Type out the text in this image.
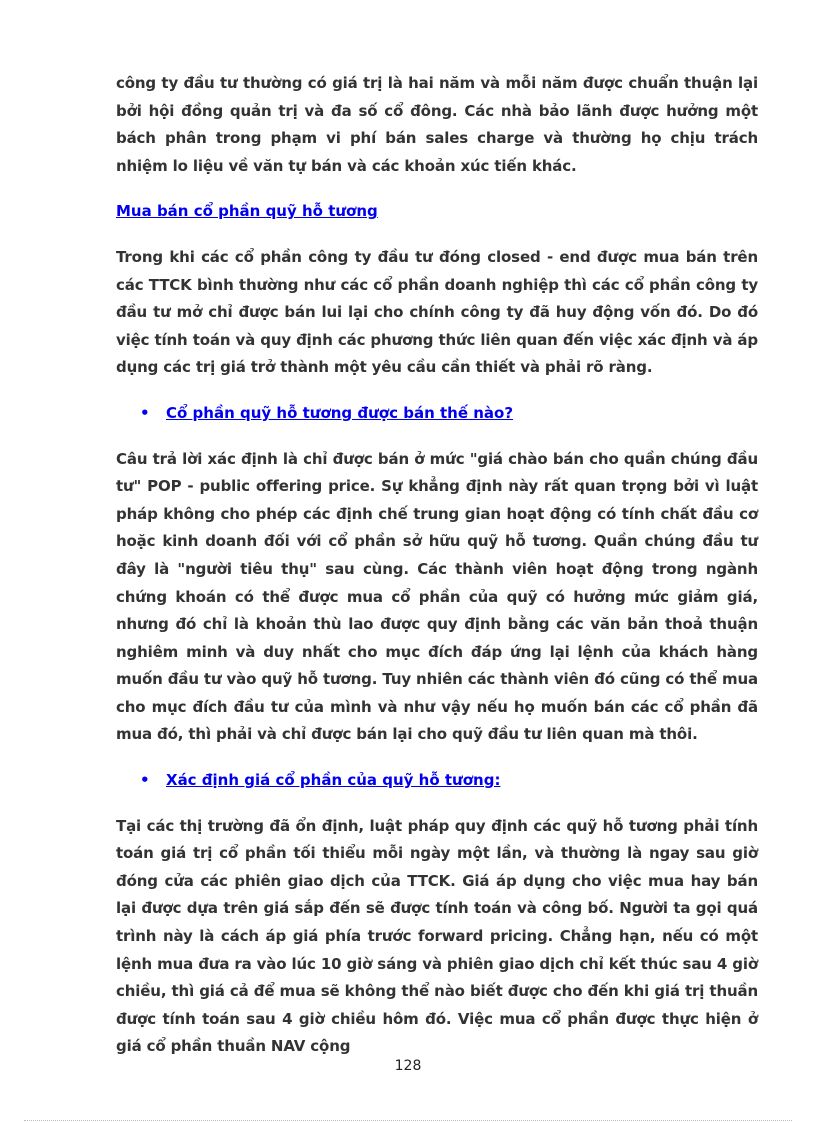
công ty đầu tư thường có giá trị là hai năm và mỗi năm được chuẩn thuận lại bởi hội đồng quản trị và đa số cổ đông. Các nhà bảo lãnh được hưởng một bách phân trong phạm vi phí bán sales charge và thường họ chịu trách nhiệm lo liệu về văn tự bán và các khoản xúc tiến khác.

Mua bán cổ phần quỹ hỗ tương

Trong khi các cổ phần công ty đầu tư đóng closed - end được mua bán trên các TTCK bình thường như các cổ phần doanh nghiệp thì các cổ phần công ty đầu tư mở chỉ được bán lui lại cho chính công ty đã huy động vốn đó. Do đó việc tính toán và quy định các phương thức liên quan đến việc xác định và áp dụng các trị giá trở thành một yêu cầu cần thiết và phải rõ ràng.

• Cổ phần quỹ hỗ tương được bán thế nào?

Câu trả lời xác định là chỉ được bán ở mức "giá chào bán cho quần chúng đầu tư" POP - public offering price. Sự khẳng định này rất quan trọng bởi vì luật pháp không cho phép các định chế trung gian hoạt động có tính chất đầu cơ hoặc kinh doanh đối với cổ phần sở hữu quỹ hỗ tương. Quần chúng đầu tư đây là "người tiêu thụ" sau cùng. Các thành viên hoạt động trong ngành chứng khoán có thể được mua cổ phần của quỹ có hưởng mức giảm giá, nhưng đó chỉ là khoản thù lao được quy định bằng các văn bản thoả thuận nghiêm minh và duy nhất cho mục đích đáp ứng lại lệnh của khách hàng muốn đầu tư vào quỹ hỗ tương. Tuy nhiên các thành viên đó cũng có thể mua cho mục đích đầu tư của mình và như vậy nếu họ muốn bán các cổ phần đã mua đó, thì phải và chỉ được bán lại cho quỹ đầu tư liên quan mà thôi.

• Xác định giá cổ phần của quỹ hỗ tương:

Tại các thị trường đã ổn định, luật pháp quy định các quỹ hỗ tương phải tính toán giá trị cổ phần tối thiểu mỗi ngày một lần, và thường là ngay sau giờ đóng cửa các phiên giao dịch của TTCK. Giá áp dụng cho việc mua hay bán lại được dựa trên giá sắp đến sẽ được tính toán và công bố. Người ta gọi quá trình này là cách áp giá phía trước forward pricing. Chẳng hạn, nếu có một lệnh mua đưa ra vào lúc 10 giờ sáng và phiên giao dịch chỉ kết thúc sau 4 giờ chiều, thì giá cả để mua sẽ không thể nào biết được cho đến khi giá trị thuần được tính toán sau 4 giờ chiều hôm đó. Việc mua cổ phần được thực hiện ở giá cổ phần thuần NAV cộng

128
